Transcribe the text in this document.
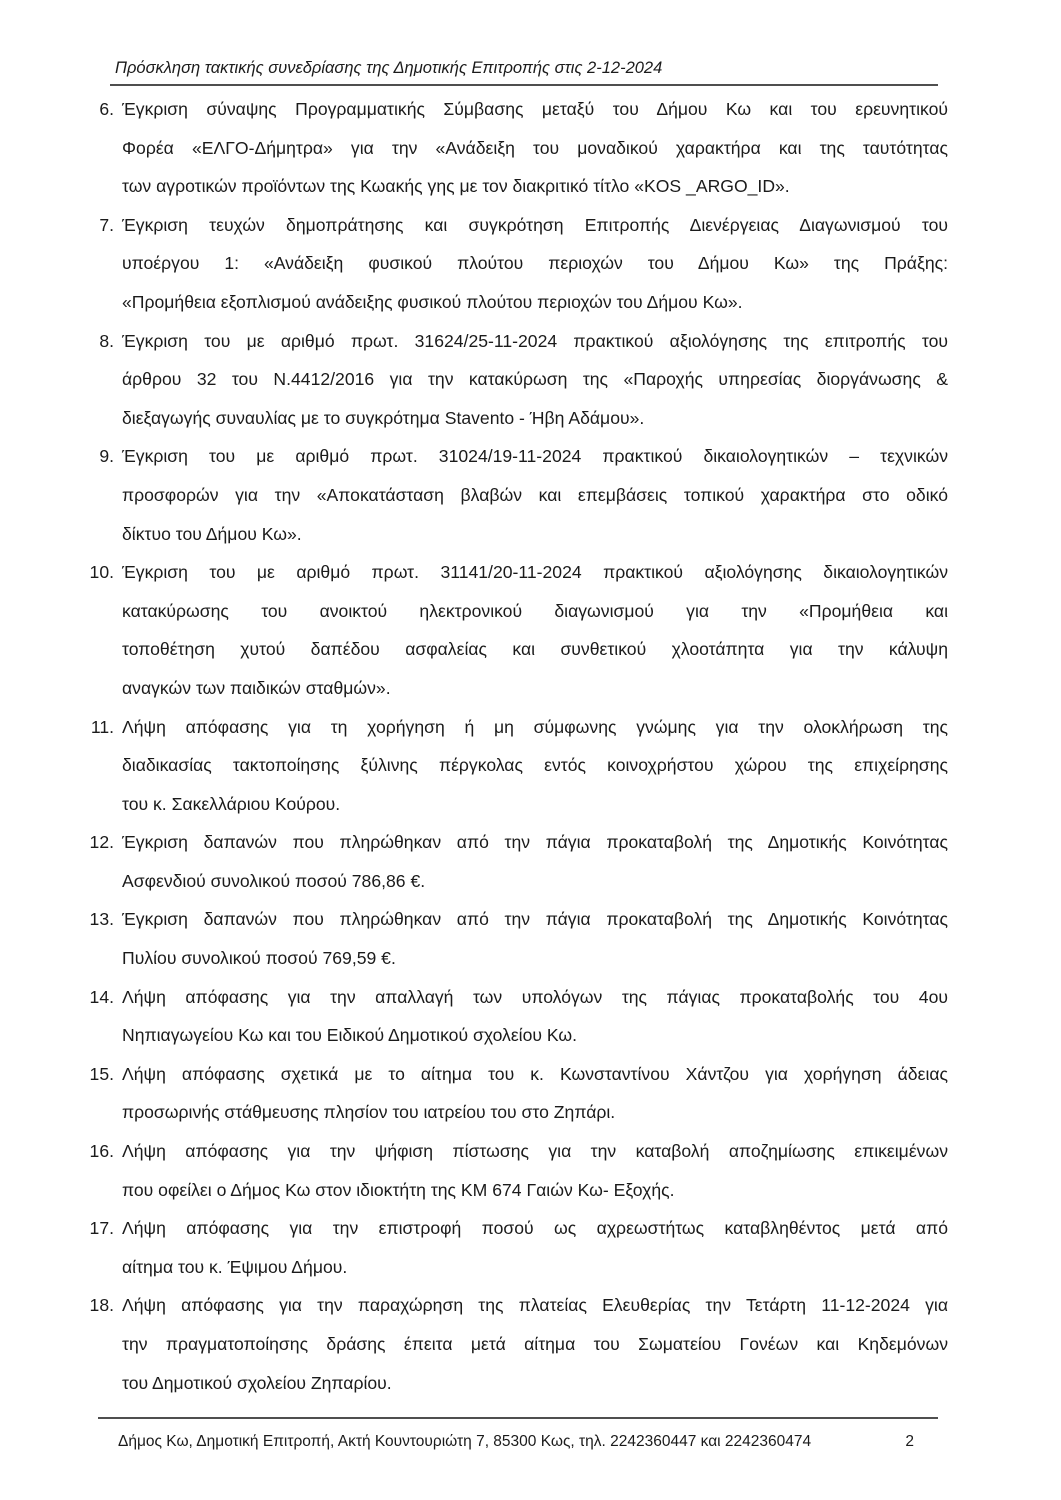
Πρόσκληση τακτικής συνεδρίασης της Δημοτικής Επιτροπής στις 2-12-2024
6. Έγκριση σύναψης Προγραμματικής Σύμβασης μεταξύ του Δήμου Κω και του ερευνητικού
Φορέα «ΕΛΓΟ-Δήμητρα» για την «Ανάδειξη του μοναδικού χαρακτήρα και της ταυτότητας
των αγροτικών προϊόντων της Κωακής γης με τον διακριτικό τίτλο «KOS _ARGO_ID».
7. Έγκριση τευχών δημοπράτησης και συγκρότηση Επιτροπής Διενέργειας Διαγωνισμού του
υποέργου 1: «Ανάδειξη φυσικού πλούτου περιοχών του Δήμου Κω» της Πράξης:
«Προμήθεια εξοπλισμού ανάδειξης φυσικού πλούτου περιοχών του Δήμου Κω».
8. Έγκριση του με αριθμό πρωτ. 31624/25-11-2024 πρακτικού αξιολόγησης της επιτροπής του
άρθρου 32 του Ν.4412/2016 για την κατακύρωση της «Παροχής υπηρεσίας διοργάνωσης &
διεξαγωγής συναυλίας με το συγκρότημα Stavento - Ήβη Αδάμου».
9. Έγκριση του με αριθμό πρωτ. 31024/19-11-2024 πρακτικού δικαιολογητικών – τεχνικών
προσφορών για την «Αποκατάσταση βλαβών και επεμβάσεις τοπικού χαρακτήρα στο οδικό
δίκτυο του Δήμου Κω».
10. Έγκριση του με αριθμό πρωτ. 31141/20-11-2024 πρακτικού αξιολόγησης δικαιολογητικών
κατακύρωσης του ανοικτού ηλεκτρονικού διαγωνισμού για την «Προμήθεια και
τοποθέτηση χυτού δαπέδου ασφαλείας και συνθετικού χλοοτάπητα για την κάλυψη
αναγκών των παιδικών σταθμών».
11. Λήψη απόφασης για τη χορήγηση ή μη σύμφωνης γνώμης για την ολοκλήρωση της
διαδικασίας τακτοποίησης ξύλινης πέργκολας εντός κοινοχρήστου χώρου της επιχείρησης
του κ. Σακελλάριου Κούρου.
12. Έγκριση δαπανών που πληρώθηκαν από την πάγια προκαταβολή της Δημοτικής Κοινότητας
Ασφενδιού συνολικού ποσού 786,86 €.
13. Έγκριση δαπανών που πληρώθηκαν από την πάγια προκαταβολή της Δημοτικής Κοινότητας
Πυλίου συνολικού ποσού 769,59 €.
14. Λήψη απόφασης για την απαλλαγή των υπολόγων της πάγιας προκαταβολής του 4ου
Νηπιαγωγείου Κω και του Ειδικού Δημοτικού σχολείου Κω.
15. Λήψη απόφασης σχετικά με το αίτημα του κ. Κωνσταντίνου Χάντζου για χορήγηση άδειας
προσωρινής στάθμευσης πλησίον του ιατρείου του στο Ζηπάρι.
16. Λήψη απόφασης για την ψήφιση πίστωσης για την καταβολή αποζημίωσης επικειμένων
που οφείλει ο Δήμος Κω στον ιδιοκτήτη της ΚΜ 674 Γαιών Κω- Εξοχής.
17. Λήψη απόφασης για την επιστροφή ποσού ως αχρεωστήτως καταβληθέντος μετά από
αίτημα του κ. Έψιμου Δήμου.
18. Λήψη απόφασης για την παραχώρηση της πλατείας Ελευθερίας την Τετάρτη 11-12-2024 για
την πραγματοποίησης δράσης έπειτα μετά αίτημα του Σωματείου Γονέων και Κηδεμόνων
του Δημοτικού σχολείου Ζηπαρίου.
Δήμος Κω, Δημοτική Επιτροπή, Ακτή Κουντουριώτη 7, 85300 Κως, τηλ. 2242360447 και 2242360474	2
